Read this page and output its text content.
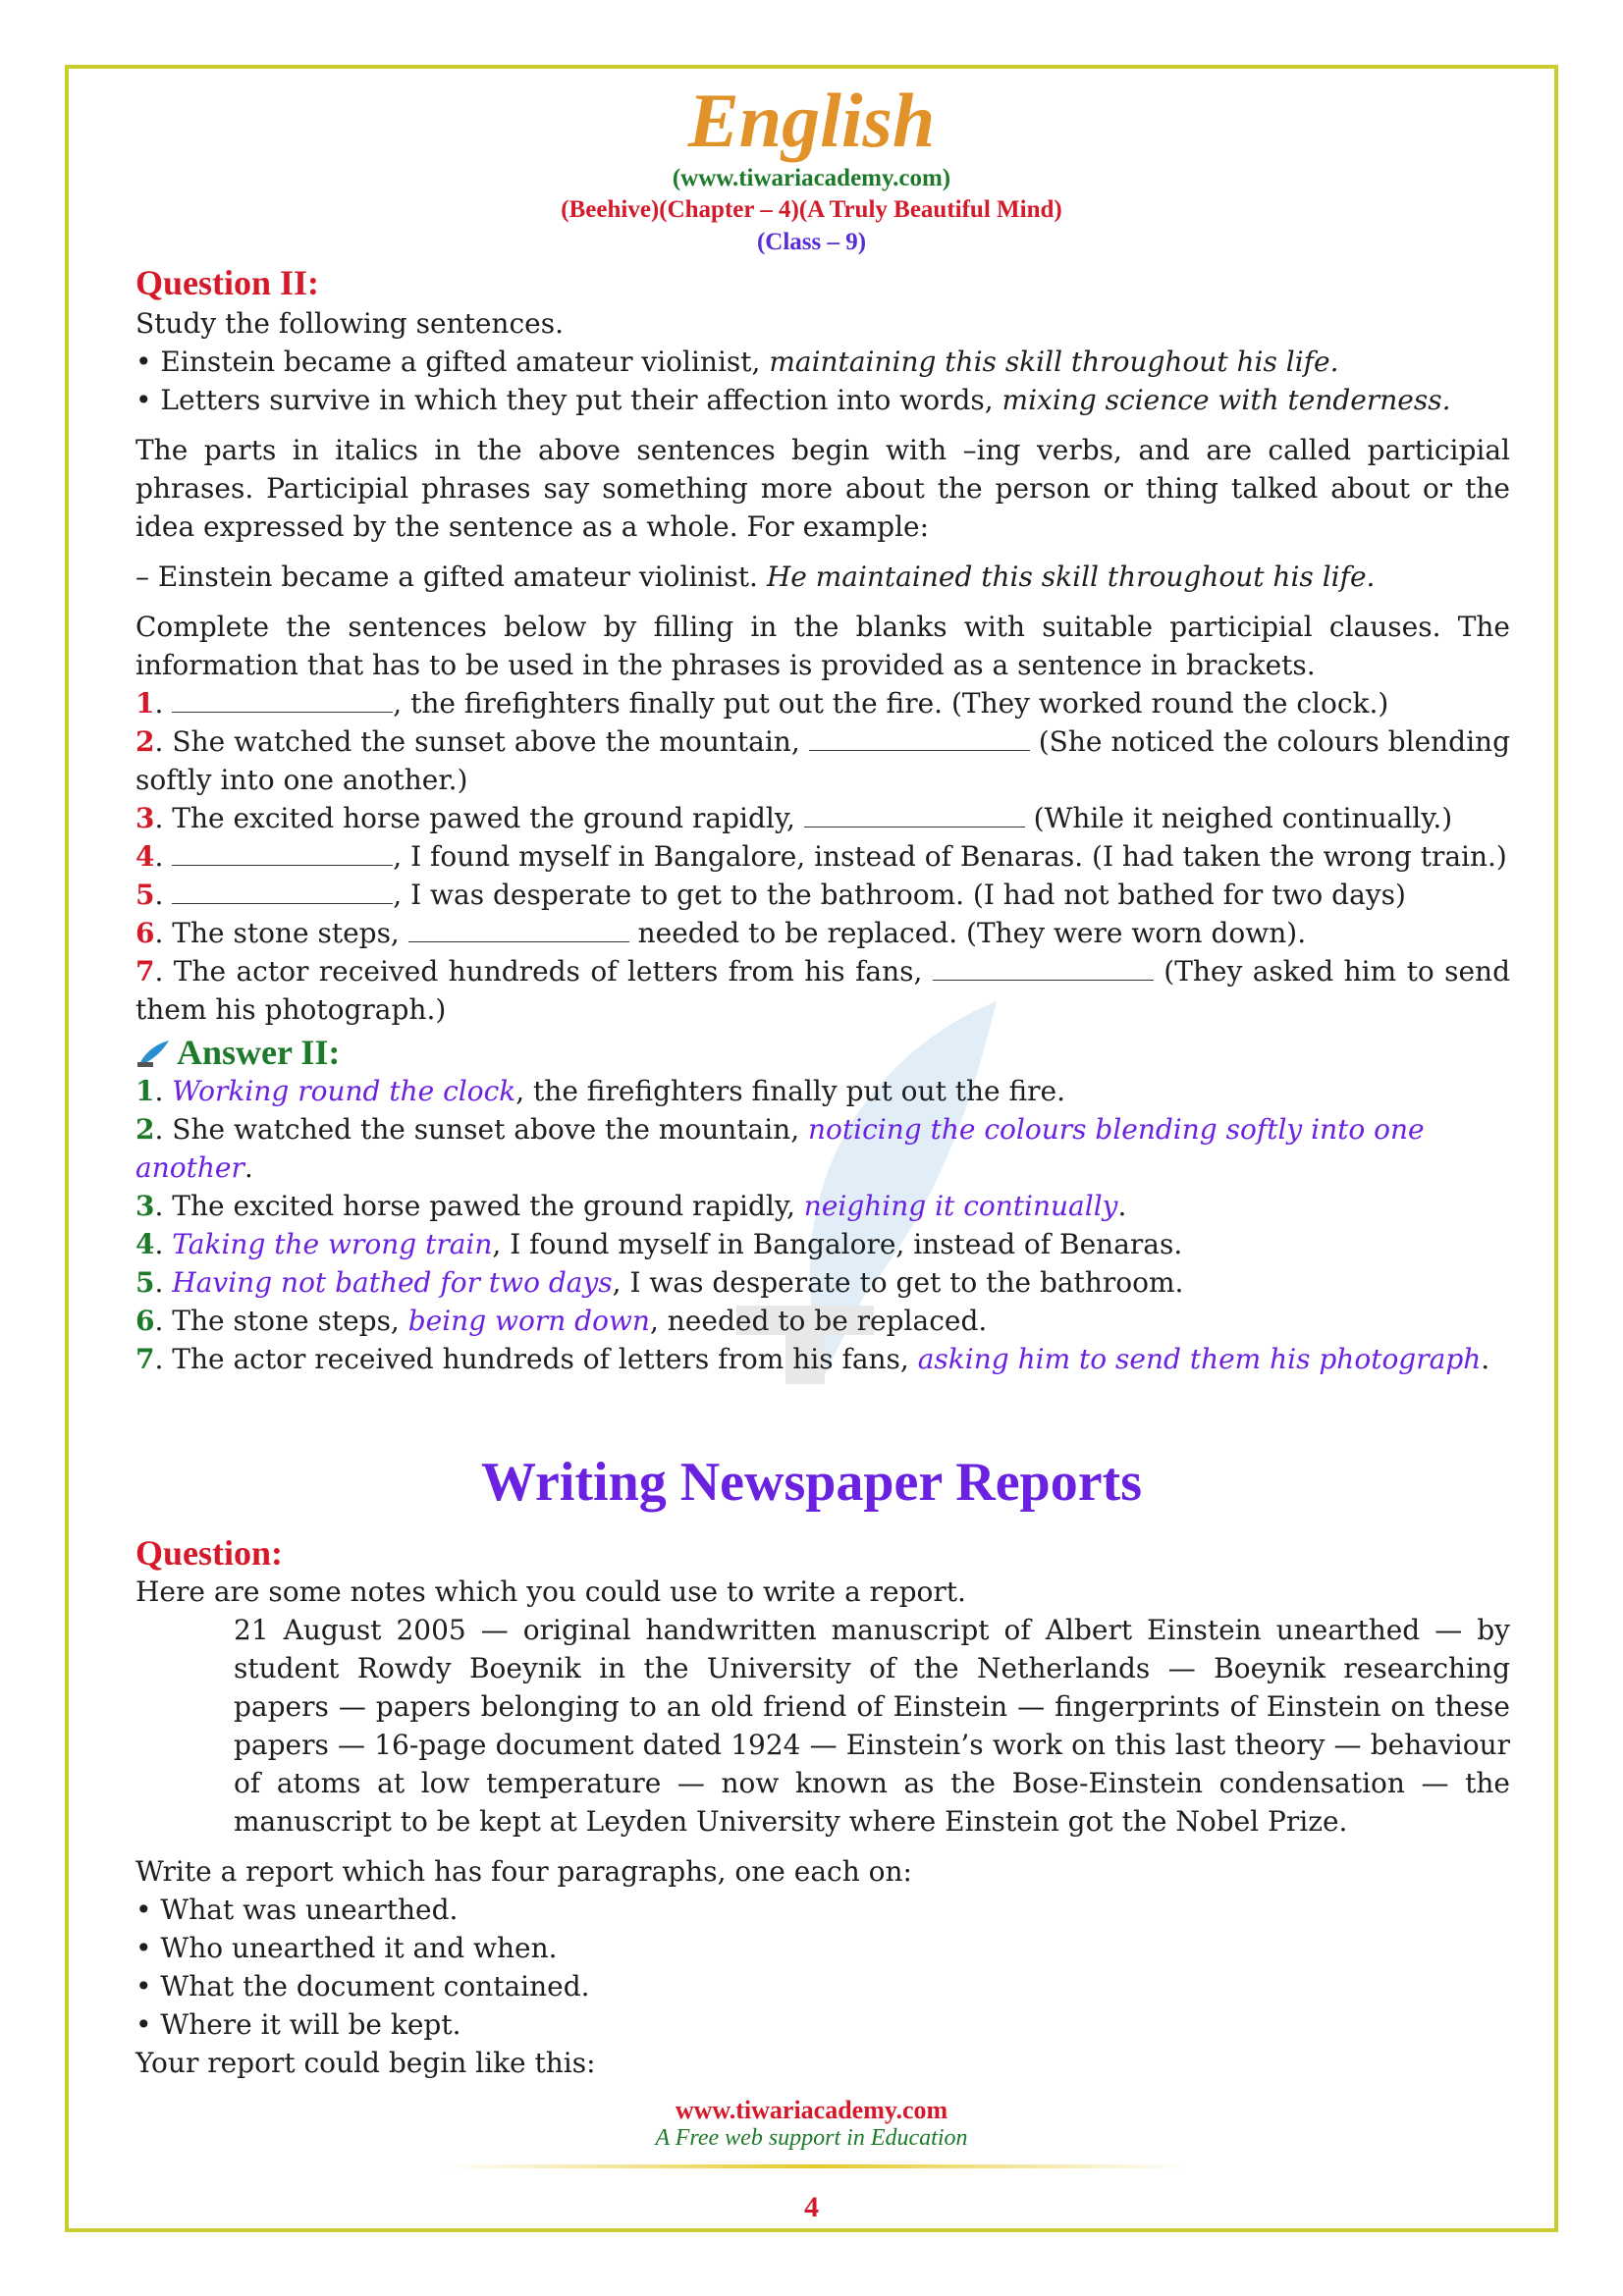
English
(www.tiwariacademy.com)
(Beehive)(Chapter – 4)(A Truly Beautiful Mind)
(Class – 9)
Question II:
Study the following sentences.
• Einstein became a gifted amateur violinist, maintaining this skill throughout his life.
• Letters survive in which they put their affection into words, mixing science with tenderness.
The parts in italics in the above sentences begin with –ing verbs, and are called participial phrases. Participial phrases say something more about the person or thing talked about or the idea expressed by the sentence as a whole. For example:
– Einstein became a gifted amateur violinist. He maintained this skill throughout his life.
Complete the sentences below by filling in the blanks with suitable participial clauses. The information that has to be used in the phrases is provided as a sentence in brackets.
1.	, the firefighters finally put out the fire. (They worked round the clock.)
2. She watched the sunset above the mountain,	(She noticed the colours blending softly into one another.)
3. The excited horse pawed the ground rapidly,	(While it neighed continually.)
4.	, I found myself in Bangalore, instead of Benaras. (I had taken the wrong train.)
5.	, I was desperate to get to the bathroom. (I had not bathed for two days)
6. The stone steps,	needed to be replaced. (They were worn down).
7. The actor received hundreds of letters from his fans,	(They asked him to send them his photograph.)
Answer II:
1. Working round the clock, the firefighters finally put out the fire.
2. She watched the sunset above the mountain, noticing the colours blending softly into one another.
3. The excited horse pawed the ground rapidly, neighing it continually.
4. Taking the wrong train, I found myself in Bangalore, instead of Benaras.
5. Having not bathed for two days, I was desperate to get to the bathroom.
6. The stone steps, being worn down, needed to be replaced.
7. The actor received hundreds of letters from his fans, asking him to send them his photograph.
Writing Newspaper Reports
Question:
Here are some notes which you could use to write a report.
21 August 2005 — original handwritten manuscript of Albert Einstein unearthed — by student Rowdy Boeynik in the University of the Netherlands — Boeynik researching papers — papers belonging to an old friend of Einstein — fingerprints of Einstein on these papers — 16-page document dated 1924 — Einstein’s work on this last theory — behaviour of atoms at low temperature — now known as the Bose-Einstein condensation — the manuscript to be kept at Leyden University where Einstein got the Nobel Prize.
Write a report which has four paragraphs, one each on:
• What was unearthed.
• Who unearthed it and when.
• What the document contained.
• Where it will be kept.
Your report could begin like this:
www.tiwariacademy.com
A Free web support in Education
4
